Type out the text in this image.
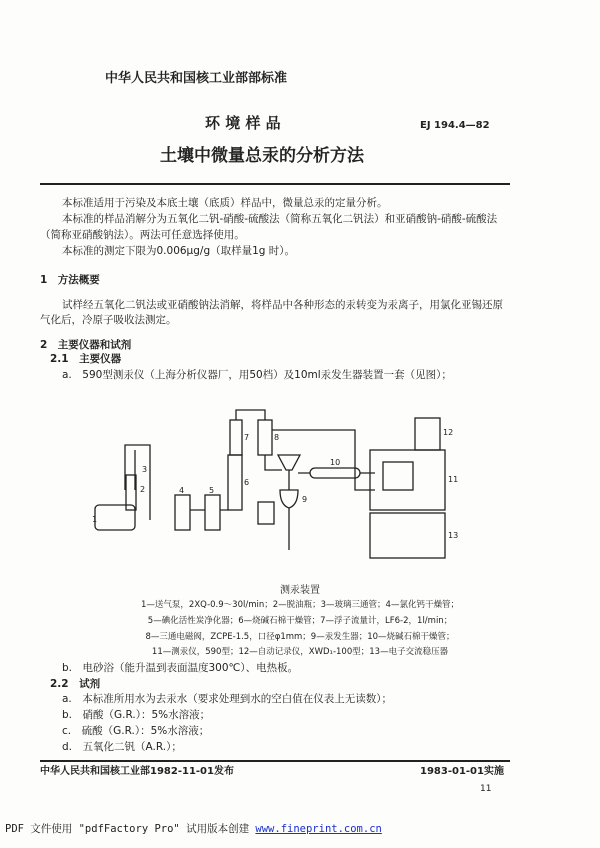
中华人民共和国核工业部部标准
环 境 样 品	EJ 194.4—82
土壤中微量总汞的分析方法
本标准适用于污染及本底土壤（底质）样品中，微量总汞的定量分析。
本标准的样品消解分为五氧化二钒-硝酸-硫酸法（简称五氧化二钒法）和亚硝酸钠-硝酸-硫酸法
（简称亚硝酸钠法）。两法可任意选择使用。
本标准的测定下限为0.006μg/g（取样量1g 时）。
1　方法概要
试样经五氧化二钒法或亚硝酸钠法消解，将样品中各种形态的汞转变为汞离子，用氯化亚锡还原
气化后，冷原子吸收法测定。
2　主要仪器和试剂
2.1　主要仪器
a.　590型测汞仪（上海分析仪器厂，用50档）及10ml汞发生器装置一套（见图）；
1
2
3
4	5
6
7	8
9
10
11
12
13
测汞装置
1—送气泵，2XQ-0.9～30l/min；2—脱油瓶；3—玻璃三通管；4—氯化钙干燥管；
5—碘化活性炭净化器；6—烧碱石棉干燥管；7—浮子流量计，LF6-2，1l/min；
8—三通电磁阀，ZCPE-1.5，口径φ1mm；9—汞发生器；10—烧碱石棉干燥管；
11—测汞仪，590型；12—自动记录仪，XWD₁-100型；13—电子交流稳压器
b.　电砂浴（能升温到表面温度300℃）、电热板。
2.2　试剂
a.　本标准所用水为去汞水（要求处理到水的空白值在仪表上无读数）；
b.　硝酸（G.R.）：5%水溶液；
c.　硫酸（G.R.）：5%水溶液；
d.　五氧化二钒（A.R.）；
中华人民共和国核工业部1982-11-01发布	1983-01-01实施
11
PDF 文件使用 "pdfFactory Pro" 试用版本创建 www.fineprint.com.cn
